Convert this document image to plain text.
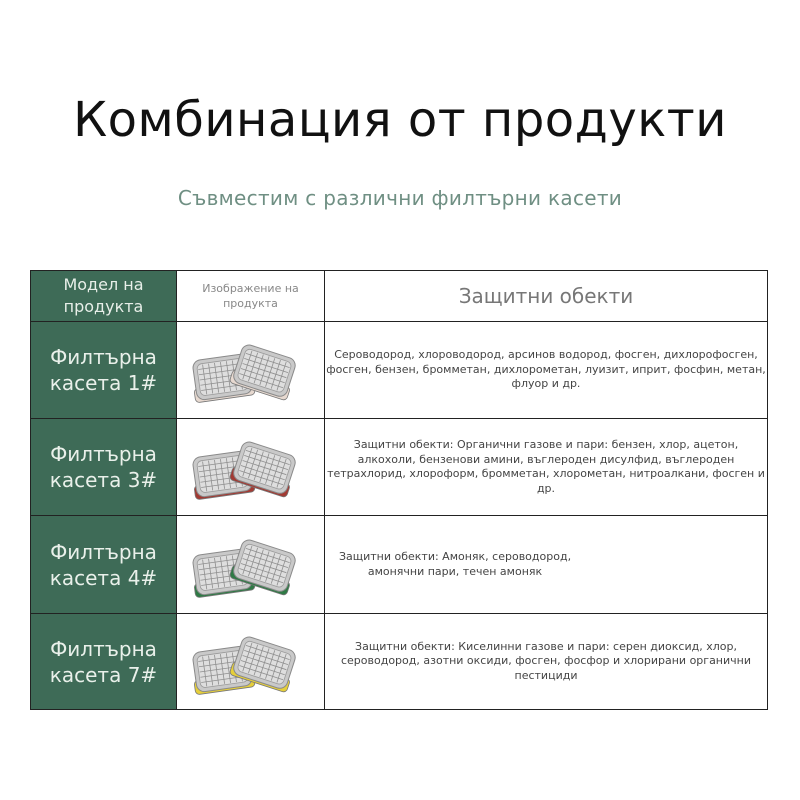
Комбинация от продукти
Съвместим с различни филтърни касети
Модел на продукта	Изображение на продукта	Защитни обекти
Филтърна касета 1#		Сероводород, хлороводород, арсинов водород, фосген, дихлорофосген, фосген, бензен, бромметан, дихлорометан, луизит, иприт, фосфин, метан, флуор и др.
Филтърна касета 3#		Защитни обекти: Органични газове и пари: бензен, хлор, ацетон, алкохоли, бензенови амини, въглероден дисулфид, въглероден тетрахлорид, хлороформ, бромметан, хлорометан, нитроалкани, фосген и др.
Филтърна касета 4#		Защитни обекти: Амоняк, сероводород, амонячни пари, течен амоняк
Филтърна касета 7#		Защитни обекти: Киселинни газове и пари: серен диоксид, хлор, сероводород, азотни оксиди, фосген, фосфор и хлорирани органични пестициди
